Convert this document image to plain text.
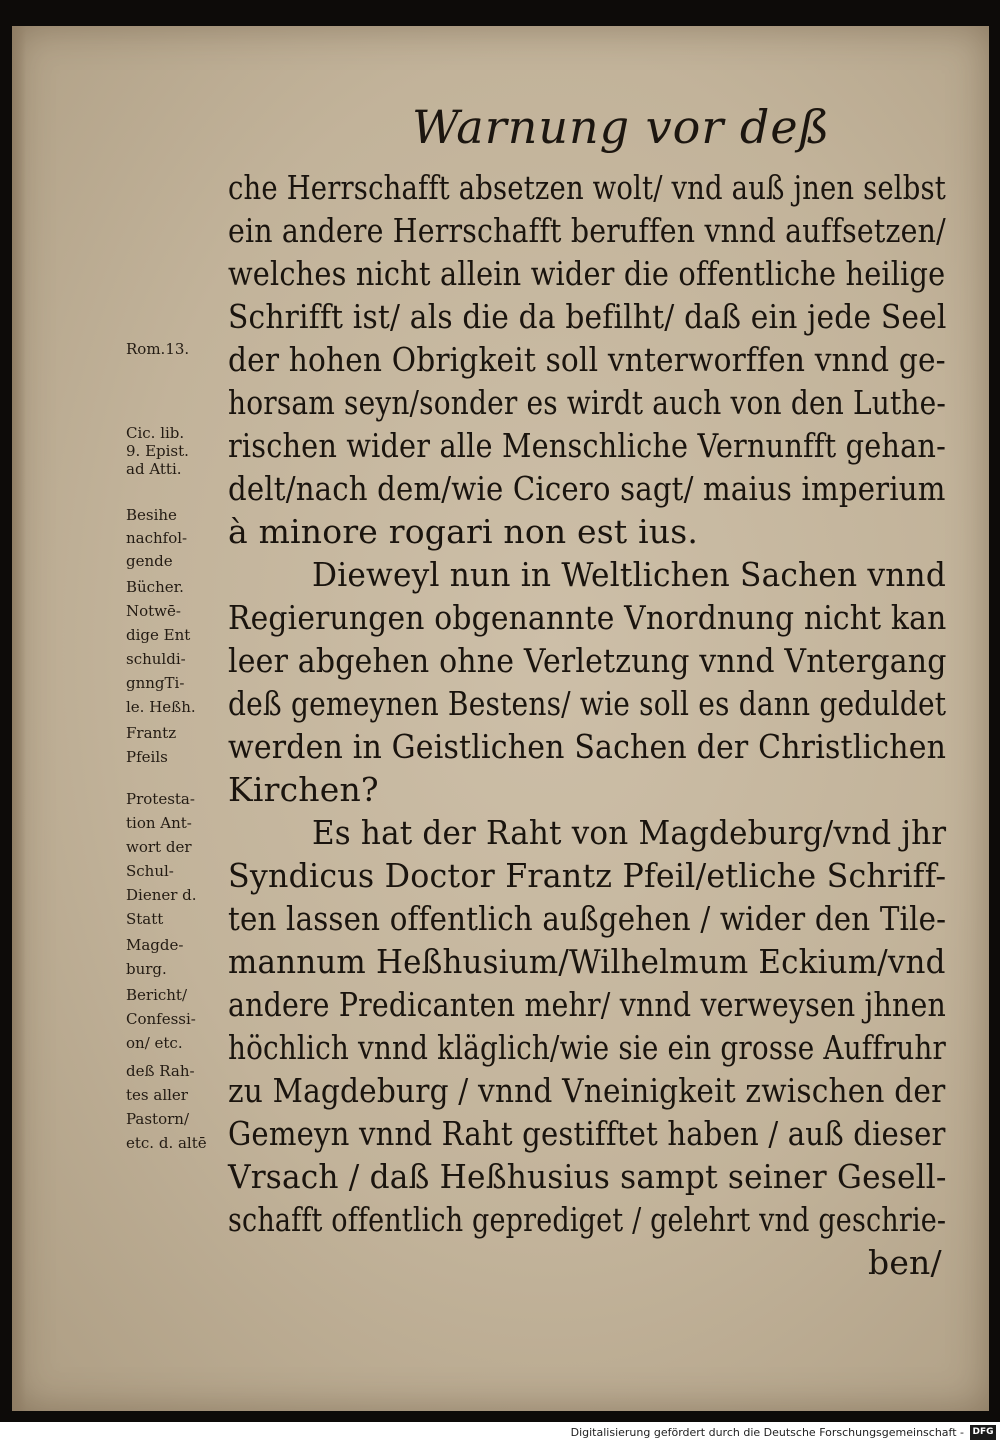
Warnung vor deß
che Herrschafft absetzen wolt/ vnd auß jnen selbst
ein andere Herrschafft beruffen vnnd auffsetzen/
welches nicht allein wider die offentliche heilige
Schrifft ist/ als die da befilht/ daß ein jede Seel
der hohen Obrigkeit soll vnterworffen vnnd ge-
horsam seyn/sonder es wirdt auch von den Luthe-
rischen wider alle Menschliche Vernunfft gehan-
delt/nach dem/wie Cicero sagt/ maius imperium
à minore rogari non est ius.
Dieweyl nun in Weltlichen Sachen vnnd
Regierungen obgenannte Vnordnung nicht kan
leer abgehen ohne Verletzung vnnd Vntergang
deß gemeynen Bestens/ wie soll es dann geduldet
werden in Geistlichen Sachen der Christlichen
Kirchen?
Es hat der Raht von Magdeburg/vnd jhr
Syndicus Doctor Frantz Pfeil/etliche Schriff-
ten lassen offentlich außgehen / wider den Tile-
mannum Heßhusium/Wilhelmum Eckium/vnd
andere Predicanten mehr/ vnnd verweysen jhnen
höchlich vnnd kläglich/wie sie ein grosse Auffruhr
zu Magdeburg / vnnd Vneinigkeit zwischen der
Gemeyn vnnd Raht gestifftet haben / auß dieser
Vrsach / daß Heßhusius sampt seiner Gesell-
schafft offentlich geprediget / gelehrt vnd geschrie-
ben/
Rom.13.
Cic. lib.
9. Epist.
ad Atti.
Besihe
nachfol-
gende
Bücher.
Notwē-
dige Ent
schuldi-
gnngTi-
le. Heßh.
Frantz
Pfeils
Protesta-
tion Ant-
wort der
Schul-
Diener d.
Statt
Magde-
burg.
Bericht/
Confessi-
on/ etc.
deß Rah-
tes aller
Pastorn/
etc. d. altē
Digitalisierung gefördert durch die Deutsche Forschungsgemeinschaft - DFG
